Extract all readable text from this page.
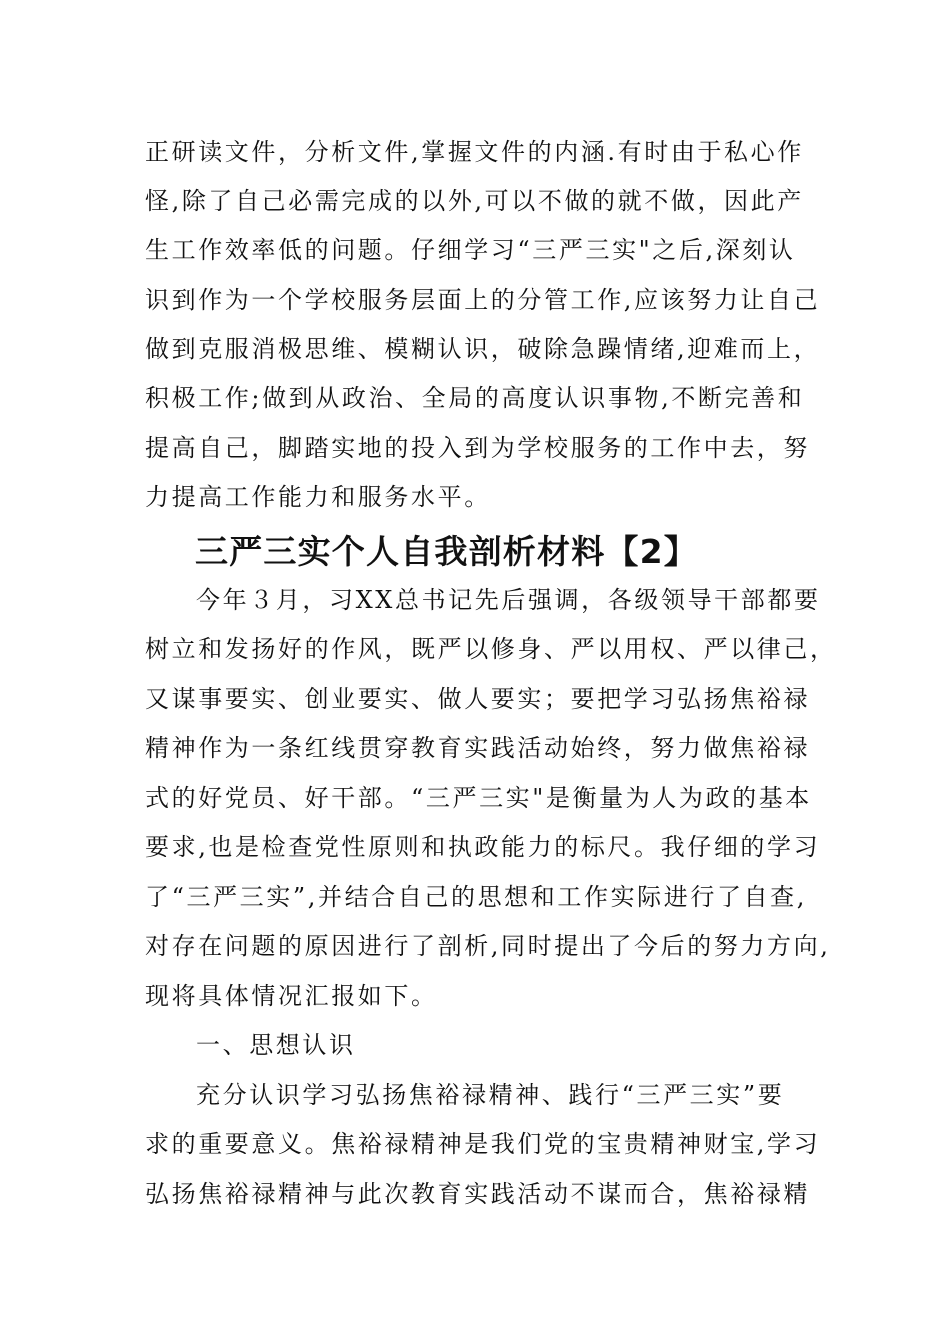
正研读文件，分析文件,掌握文件的内涵.有时由于私心作
怪,除了自己必需完成的以外,可以不做的就不做，因此产
生工作效率低的问题。仔细学习“三严三实"之后,深刻认
识到作为一个学校服务层面上的分管工作,应该努力让自己
做到克服消极思维、模糊认识，破除急躁情绪,迎难而上，
积极工作;做到从政治、全局的高度认识事物,不断完善和
提高自己，脚踏实地的投入到为学校服务的工作中去，努
力提高工作能力和服务水平。
三严三实个人自我剖析材料【2】
今年３月，习XX总书记先后强调，各级领导干部都要
树立和发扬好的作风，既严以修身、严以用权、严以律己，
又谋事要实、创业要实、做人要实；要把学习弘扬焦裕禄
精神作为一条红线贯穿教育实践活动始终，努力做焦裕禄
式的好党员、好干部。“三严三实"是衡量为人为政的基本
要求,也是检查党性原则和执政能力的标尺。我仔细的学习
了“三严三实”,并结合自己的思想和工作实际进行了自查,
对存在问题的原因进行了剖析,同时提出了今后的努力方向,
现将具体情况汇报如下。
一、思想认识
充分认识学习弘扬焦裕禄精神、践行“三严三实”要
求的重要意义。焦裕禄精神是我们党的宝贵精神财宝,学习
弘扬焦裕禄精神与此次教育实践活动不谋而合，焦裕禄精
